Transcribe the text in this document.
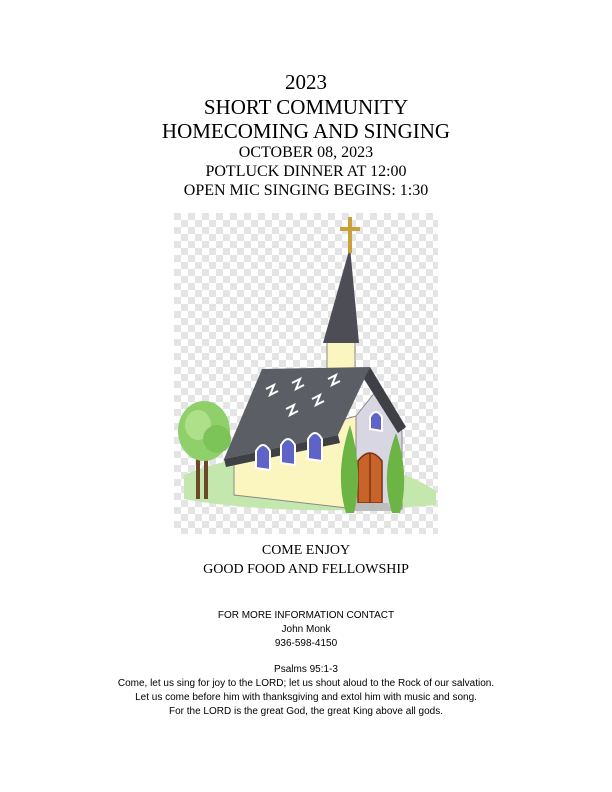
2023
SHORT COMMUNITY
HOMECOMING AND SINGING
OCTOBER 08, 2023
POTLUCK DINNER AT 12:00
OPEN MIC SINGING BEGINS: 1:30
COME ENJOY
GOOD FOOD AND FELLOWSHIP
FOR MORE INFORMATION CONTACT
John Monk
936-598-4150
Psalms 95:1-3
Come, let us sing for joy to the LORD; let us shout aloud to the Rock of our salvation.
Let us come before him with thanksgiving and extol him with music and song.
For the LORD is the great God, the great King above all gods.
